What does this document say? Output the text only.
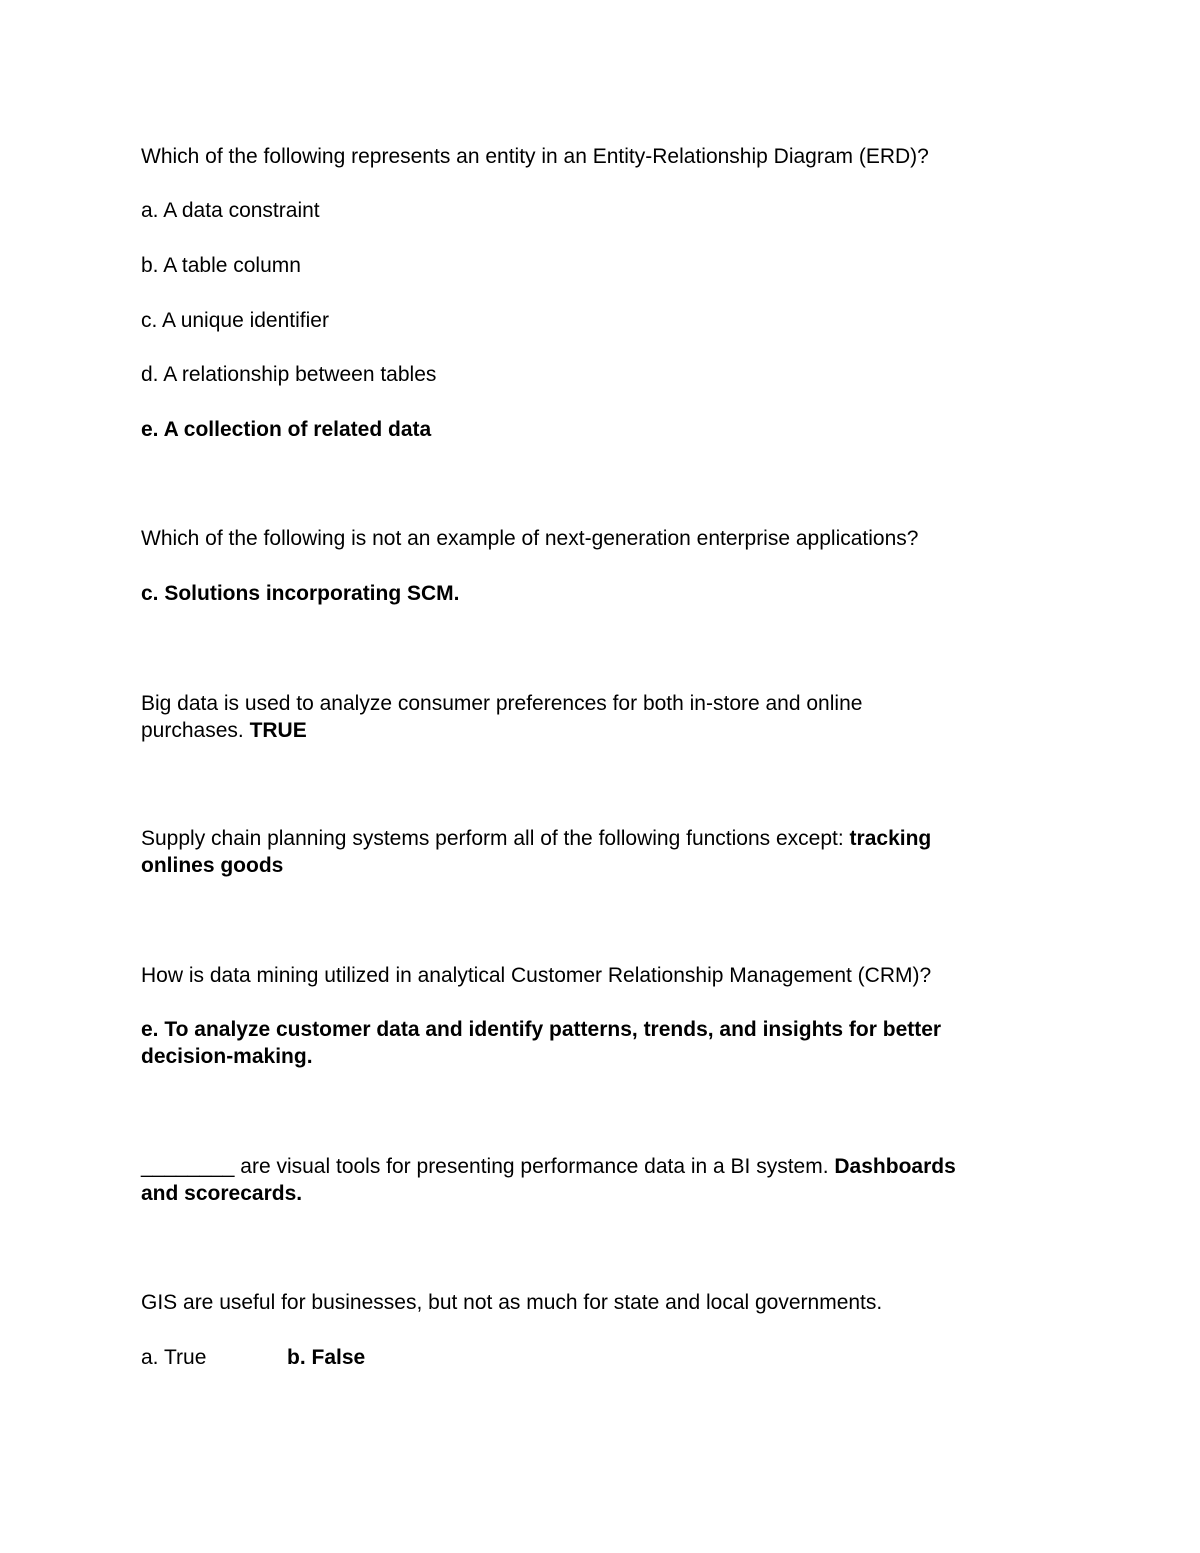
Which of the following represents an entity in an Entity-Relationship Diagram (ERD)?
a. A data constraint
b. A table column
c. A unique identifier
d. A relationship between tables
e. A collection of related data
Which of the following is not an example of next-generation enterprise applications?
c. Solutions incorporating SCM.
Big data is used to analyze consumer preferences for both in-store and online
purchases. TRUE
Supply chain planning systems perform all of the following functions except: tracking
onlines goods
How is data mining utilized in analytical Customer Relationship Management (CRM)?
e. To analyze customer data and identify patterns, trends, and insights for better
decision-making.
________ are visual tools for presenting performance data in a BI system. Dashboards
and scorecards.
GIS are useful for businesses, but not as much for state and local governments.
a. True	b. False
